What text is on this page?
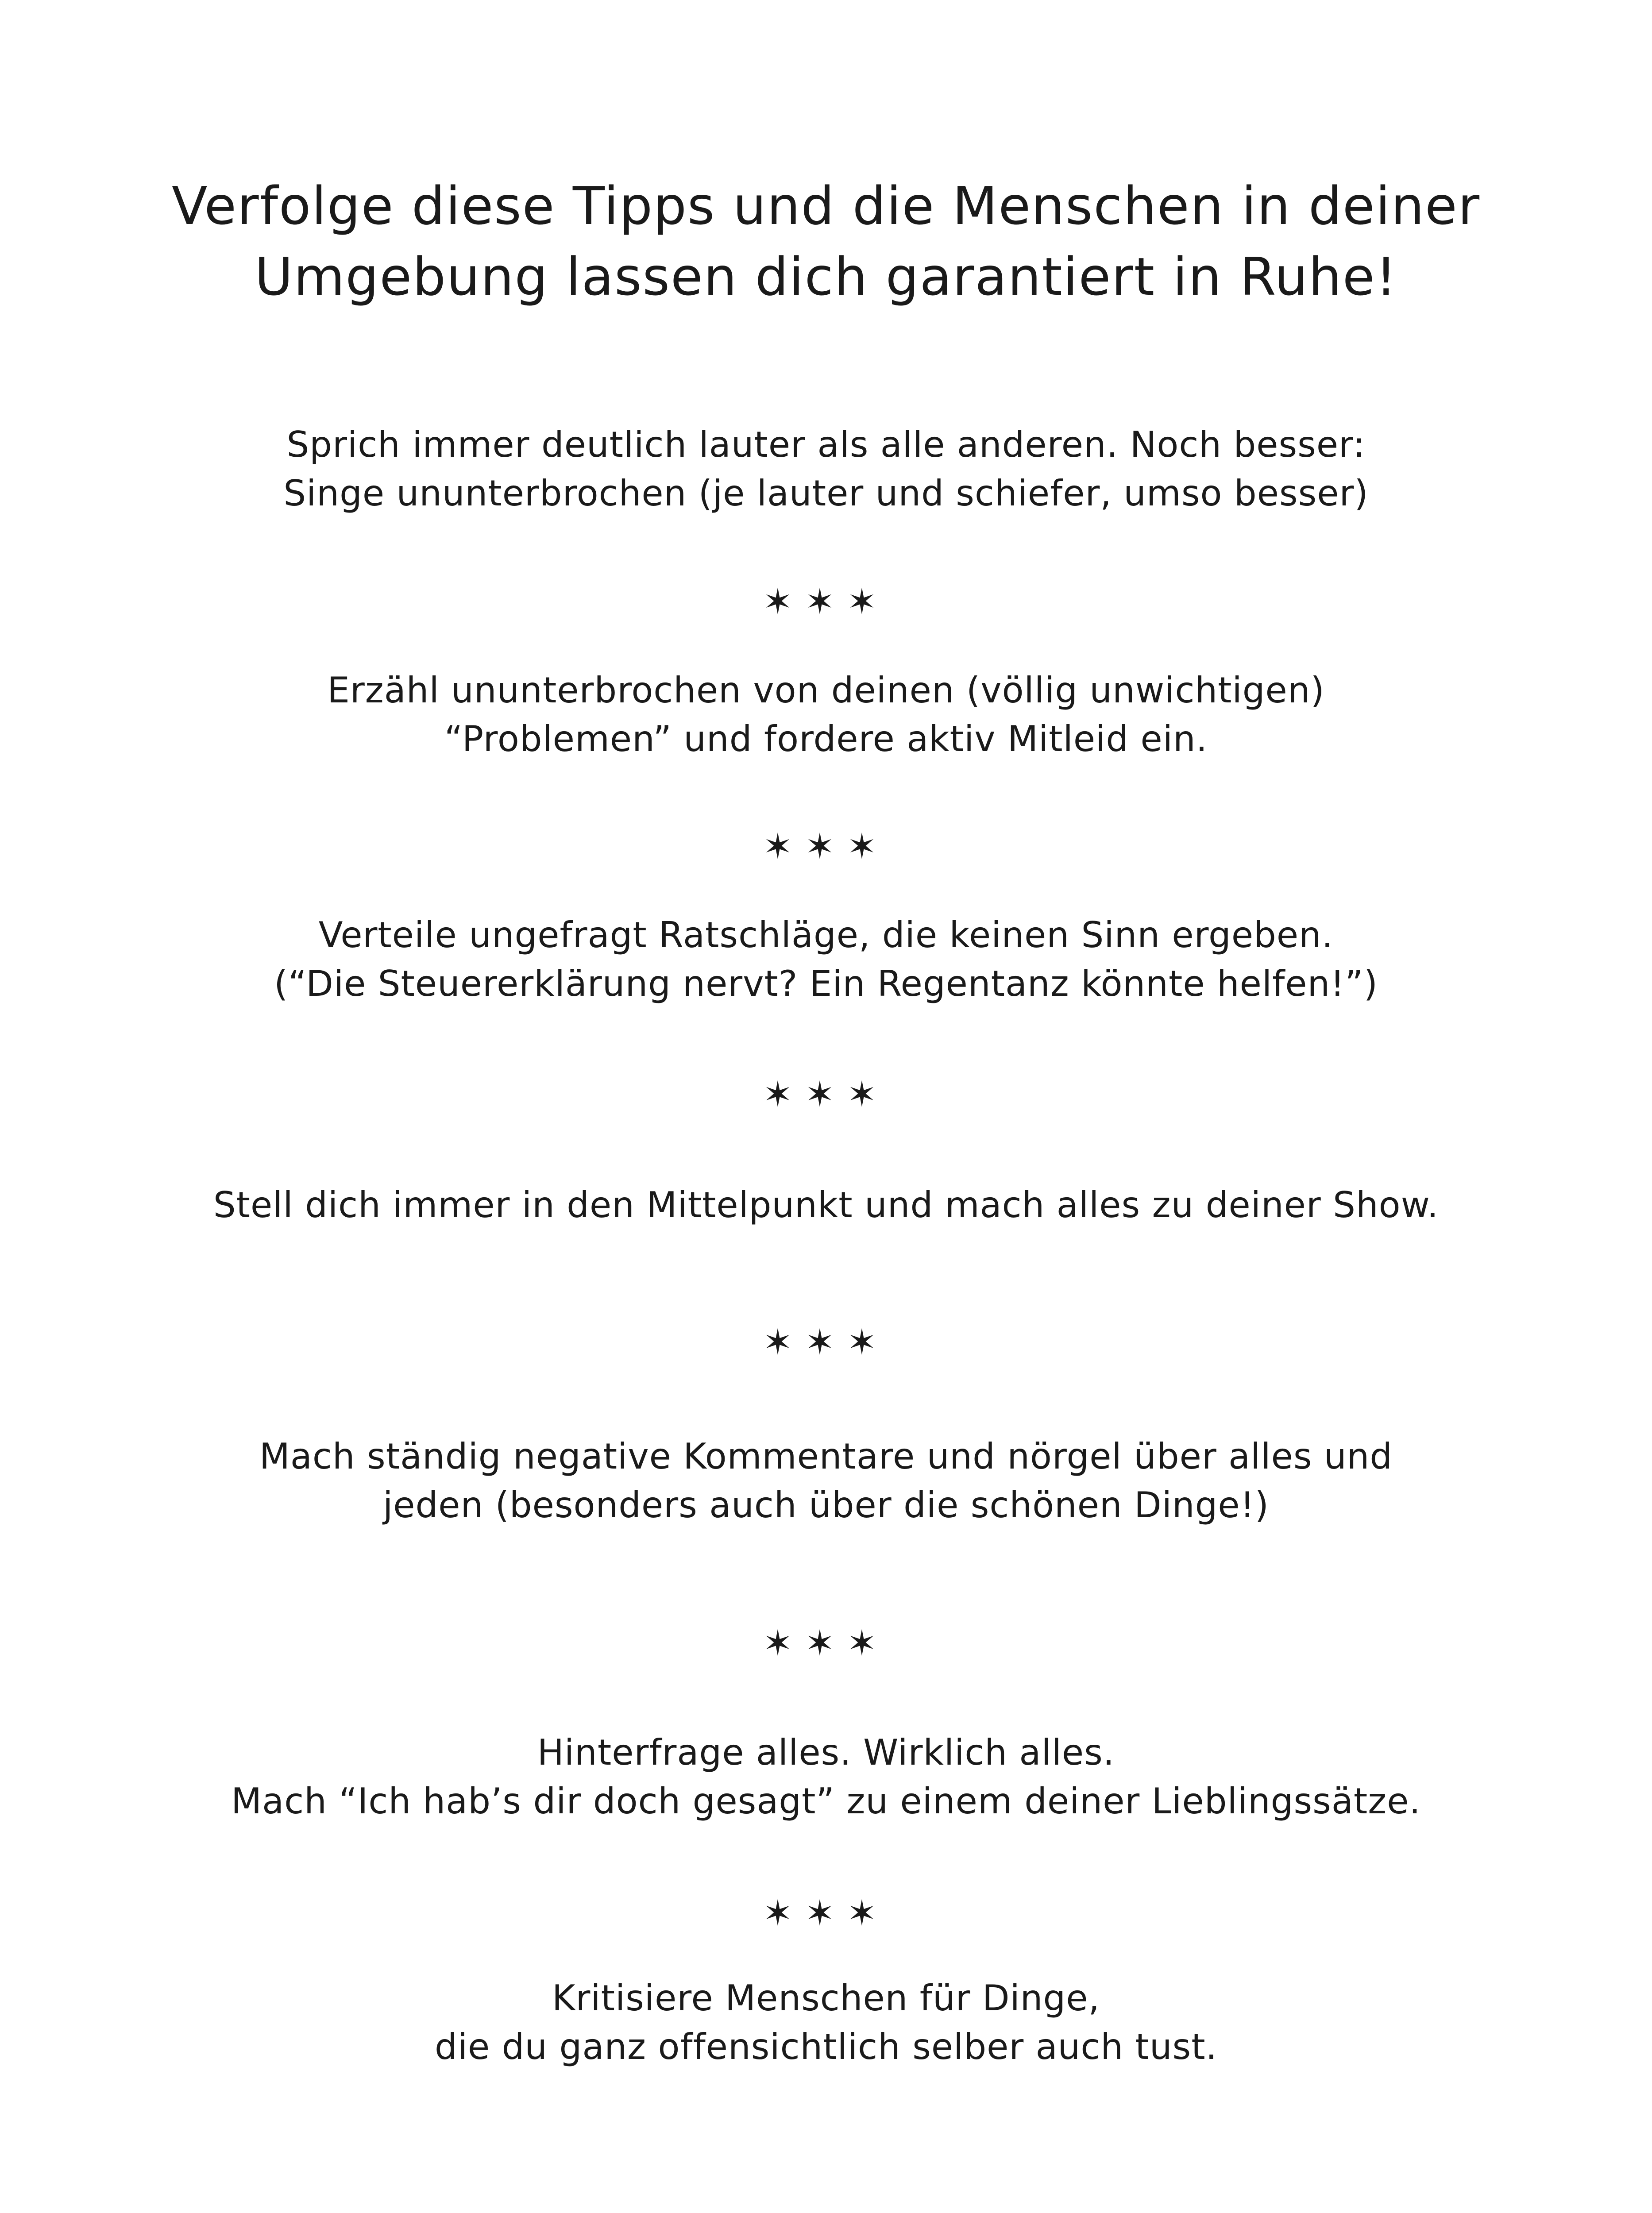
Verfolge diese Tipps und die Menschen in deiner
Umgebung lassen dich garantiert in Ruhe!
Sprich immer deutlich lauter als alle anderen. Noch besser:
Singe ununterbrochen (je lauter und schiefer, umso besser)
✶✶✶
Erzähl ununterbrochen von deinen (völlig unwichtigen)
“Problemen” und fordere aktiv Mitleid ein.
✶✶✶
Verteile ungefragt Ratschläge, die keinen Sinn ergeben.
(“Die Steuererklärung nervt? Ein Regentanz könnte helfen!”)
✶✶✶
Stell dich immer in den Mittelpunkt und mach alles zu deiner Show.
✶✶✶
Mach ständig negative Kommentare und nörgel über alles und
jeden (besonders auch über die schönen Dinge!)
✶✶✶
Hinterfrage alles. Wirklich alles.
Mach “Ich hab’s dir doch gesagt” zu einem deiner Lieblingssätze.
✶✶✶
Kritisiere Menschen für Dinge,
die du ganz offensichtlich selber auch tust.
